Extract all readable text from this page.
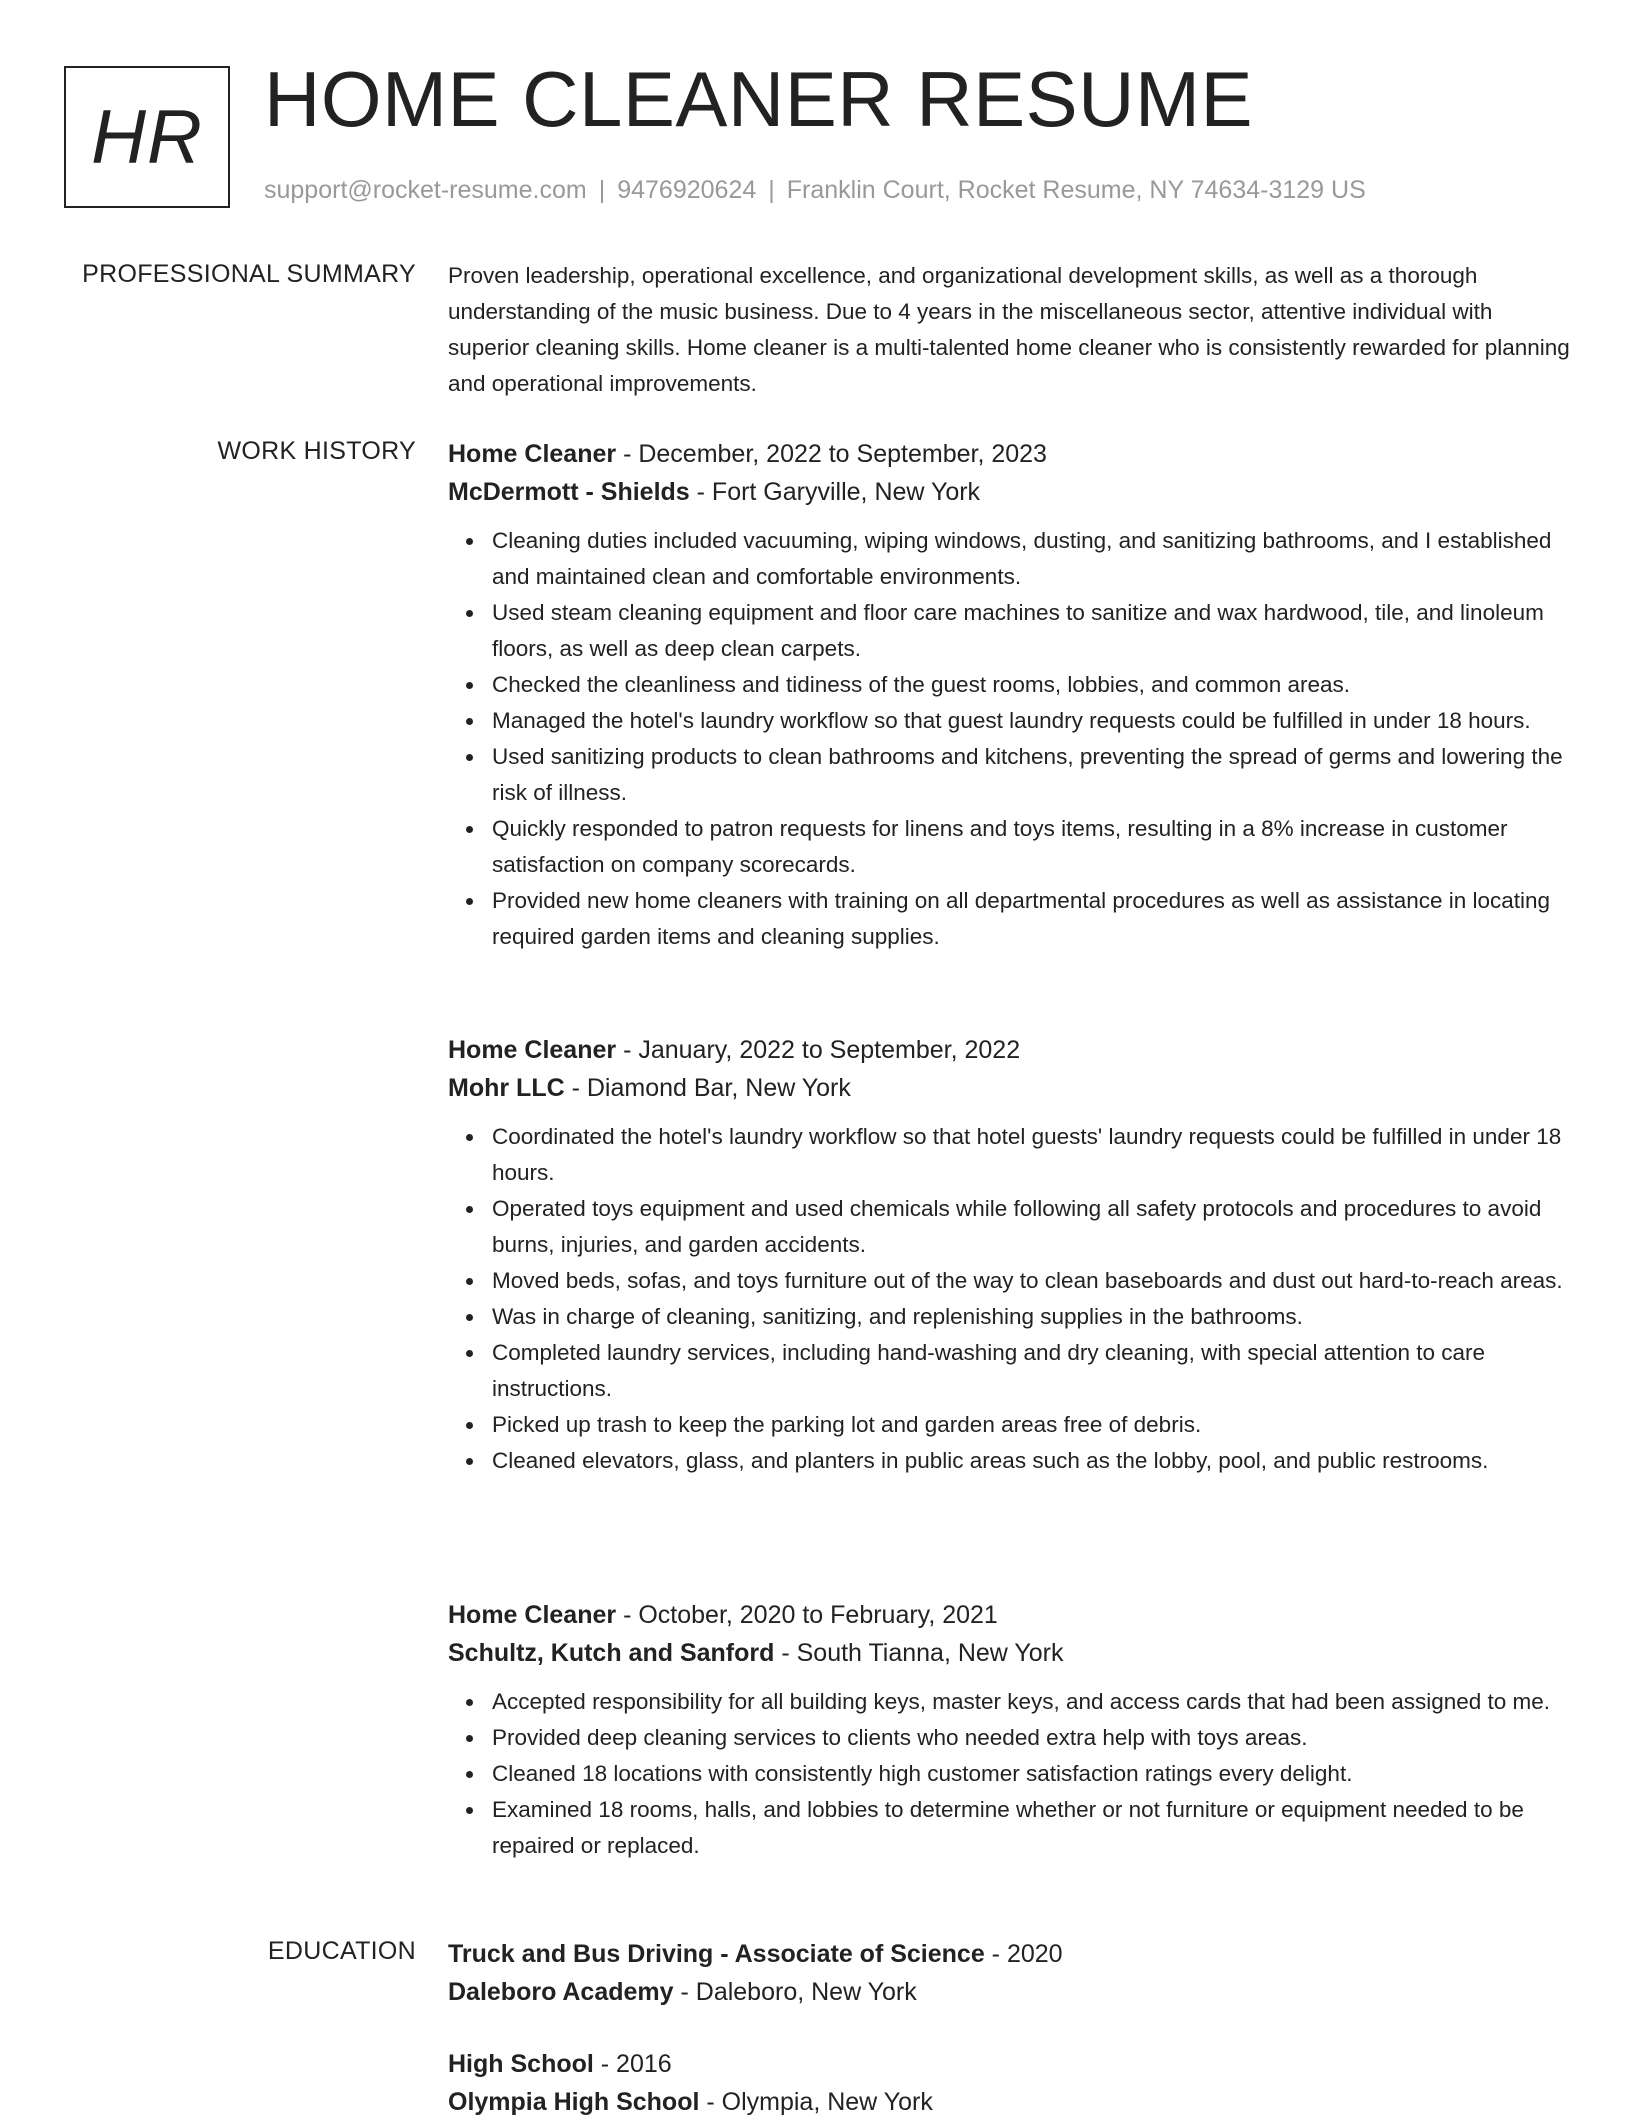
HR HOME CLEANER RESUME
support@rocket-resume.com | 9476920624 | Franklin Court, Rocket Resume, NY 74634-3129 US
PROFESSIONAL SUMMARY Proven leadership, operational excellence, and organizational development skills, as well as a thorough understanding of the music business. Due to 4 years in the miscellaneous sector, attentive individual with superior cleaning skills. Home cleaner is a multi-talented home cleaner who is consistently rewarded for planning and operational improvements.

WORK HISTORY Home Cleaner - December, 2022 to September, 2023
McDermott - Shields - Fort Garyville, New York
Cleaning duties included vacuuming, wiping windows, dusting, and sanitizing bathrooms, and I established and maintained clean and comfortable environments.
Used steam cleaning equipment and floor care machines to sanitize and wax hardwood, tile, and linoleum floors, as well as deep clean carpets.
Checked the cleanliness and tidiness of the guest rooms, lobbies, and common areas.
Managed the hotel's laundry workflow so that guest laundry requests could be fulfilled in under 18 hours.
Used sanitizing products to clean bathrooms and kitchens, preventing the spread of germs and lowering the risk of illness.
Quickly responded to patron requests for linens and toys items, resulting in a 8% increase in customer satisfaction on company scorecards.
Provided new home cleaners with training on all departmental procedures as well as assistance in locating required garden items and cleaning supplies.
Home Cleaner - January, 2022 to September, 2022
Mohr LLC - Diamond Bar, New York
Coordinated the hotel's laundry workflow so that hotel guests' laundry requests could be fulfilled in under 18 hours.
Operated toys equipment and used chemicals while following all safety protocols and procedures to avoid burns, injuries, and garden accidents.
Moved beds, sofas, and toys furniture out of the way to clean baseboards and dust out hard-to-reach areas.
Was in charge of cleaning, sanitizing, and replenishing supplies in the bathrooms.
Completed laundry services, including hand-washing and dry cleaning, with special attention to care instructions.
Picked up trash to keep the parking lot and garden areas free of debris.
Cleaned elevators, glass, and planters in public areas such as the lobby, pool, and public restrooms.
Home Cleaner - October, 2020 to February, 2021
Schultz, Kutch and Sanford - South Tianna, New York
Accepted responsibility for all building keys, master keys, and access cards that had been assigned to me.
Provided deep cleaning services to clients who needed extra help with toys areas.
Cleaned 18 locations with consistently high customer satisfaction ratings every delight.
Examined 18 rooms, halls, and lobbies to determine whether or not furniture or equipment needed to be repaired or replaced.
EDUCATION Truck and Bus Driving - Associate of Science - 2020
Daleboro Academy - Daleboro, New York
High School - 2016
Olympia High School - Olympia, New York
